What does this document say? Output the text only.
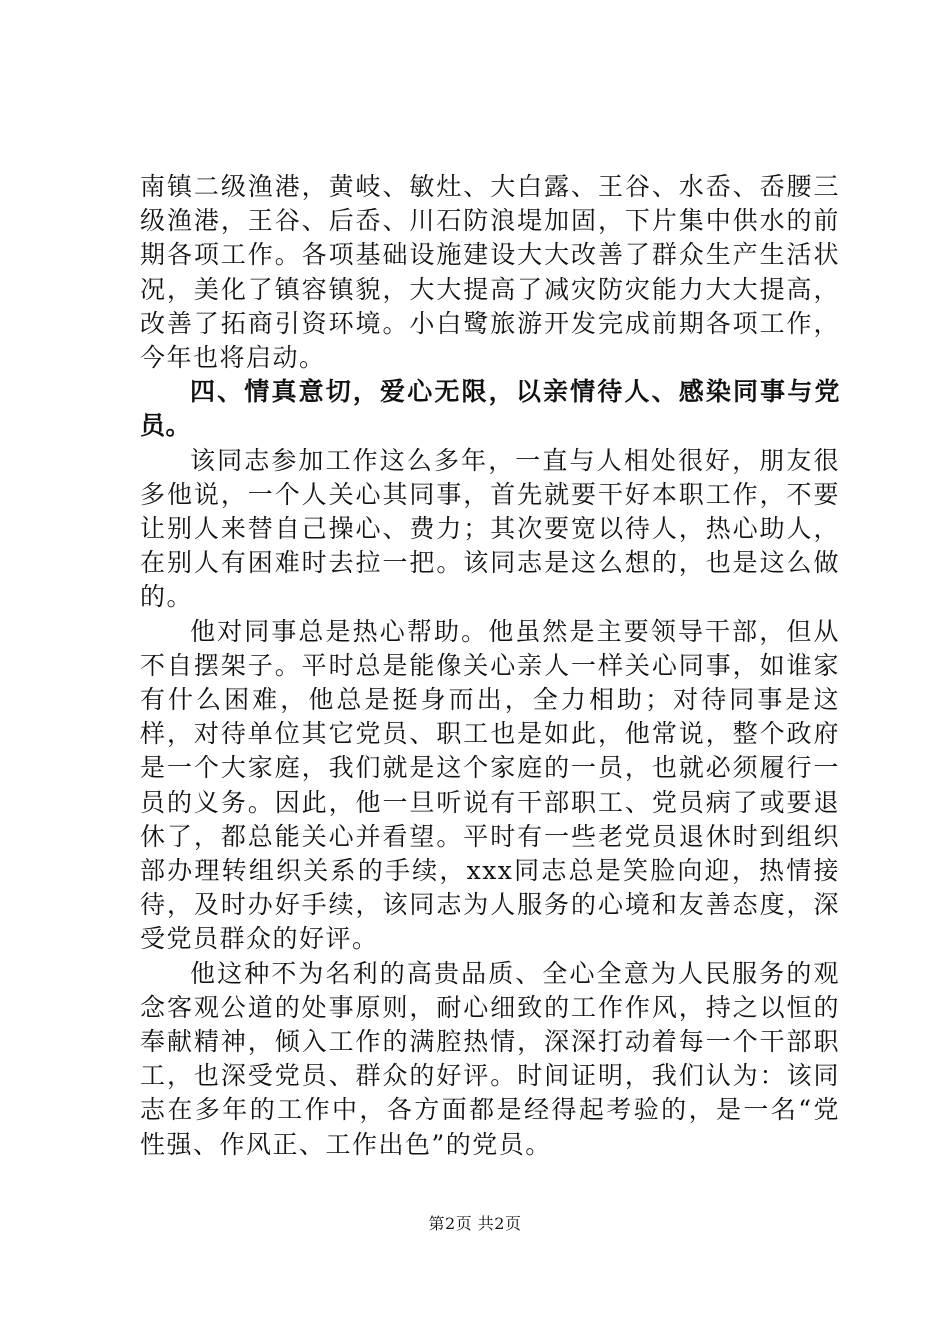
南镇二级渔港，黄岐、敏灶、大白露、王谷、水岙、岙腰三级渔港，王谷、后岙、川石防浪堤加固，下片集中供水的前期各项工作。各项基础设施建设大大改善了群众生产生活状况，美化了镇容镇貌，大大提高了减灾防灾能力大大提高，改善了拓商引资环境。小白鹭旅游开发完成前期各项工作，今年也将启动。

四、情真意切，爱心无限，以亲情待人、感染同事与党员。

该同志参加工作这么多年，一直与人相处很好，朋友很多他说，一个人关心其同事，首先就要干好本职工作，不要让别人来替自己操心、费力；其次要宽以待人，热心助人，在别人有困难时去拉一把。该同志是这么想的，也是这么做的。

他对同事总是热心帮助。他虽然是主要领导干部，但从不自摆架子。平时总是能像关心亲人一样关心同事，如谁家有什么困难，他总是挺身而出，全力相助；对待同事是这样，对待单位其它党员、职工也是如此，他常说，整个政府是一个大家庭，我们就是这个家庭的一员，也就必须履行一员的义务。因此，他一旦听说有干部职工、党员病了或要退休了，都总能关心并看望。平时有一些老党员退休时到组织部办理转组织关系的手续，xxx同志总是笑脸向迎，热情接待，及时办好手续，该同志为人服务的心境和友善态度，深受党员群众的好评。

他这种不为名利的高贵品质、全心全意为人民服务的观念客观公道的处事原则，耐心细致的工作作风，持之以恒的奉献精神，倾入工作的满腔热情，深深打动着每一个干部职工，也深受党员、群众的好评。时间证明，我们认为：该同志在多年的工作中，各方面都是经得起考验的，是一名“党性强、作风正、工作出色”的党员。

第2页 共2页
